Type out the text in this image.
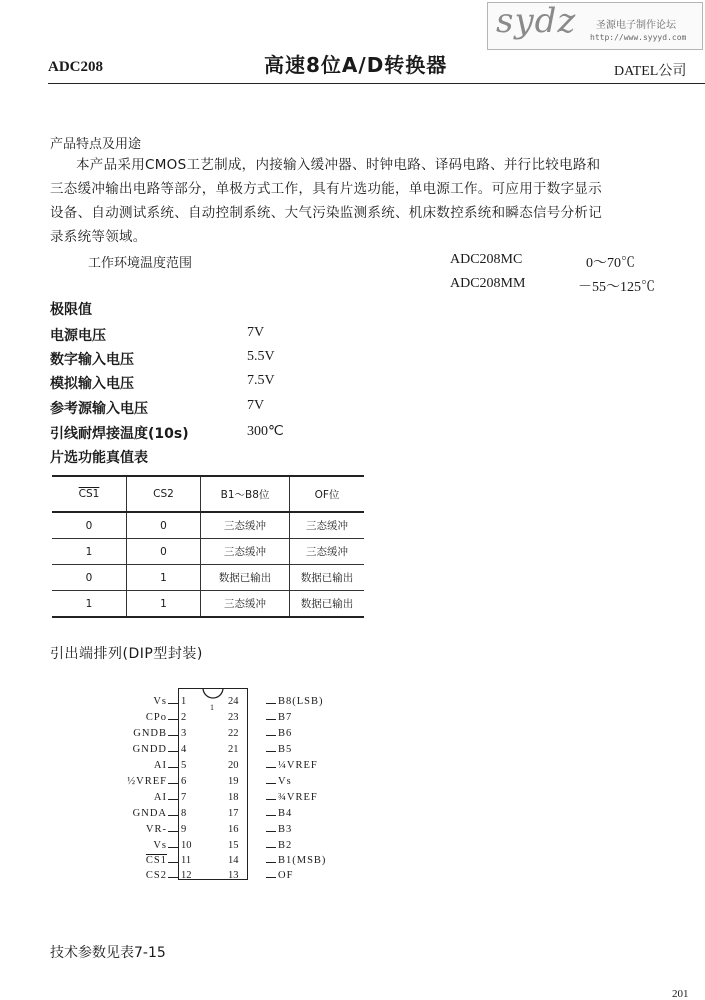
sydz 圣源电子制作论坛
http://www.syyyd.com
ADC208	高速8位A/D转换器	DATEL公司
产品特点及用途
本产品采用CMOS工艺制成，内接输入缓冲器、时钟电路、译码电路、并行比较电路和
三态缓冲输出电路等部分，单极方式工作，具有片选功能，单电源工作。可应用于数字显示
设备、自动测试系统、自动控制系统、大气污染监测系统、机床数控系统和瞬态信号分析记
录系统等领域。
工作环境温度范围	ADC208MC	0～70℃
ADC208MM	－55～125℃
极限值
电源电压	7V
数字输入电压	5.5V
模拟输入电压	7.5V
参考源输入电压	7V
引线耐焊接温度(10s)	300℃
片选功能真值表
CS1	CS2	B1～B8位	OF位
0	0	三态缓冲	三态缓冲
1	0	三态缓冲	三态缓冲
0	1	数据已输出	数据已输出
1	1	三态缓冲	数据已输出
引出端排列(DIP型封装)
1
Vs 1
CPo 2
GNDB 3
GNDD 4
AI 5
½VREF 6
AI 7
GNDA 8
VR- 9
Vs 10
CS1 11
CS2 12
24	B8(LSB)
23	B7
22	B6
21	B5
20	¼VREF
19	Vs
18	¾VREF
17	B4
16	B3
15	B2
14	B1(MSB)
13	OF
技术参数见表7-15
201
